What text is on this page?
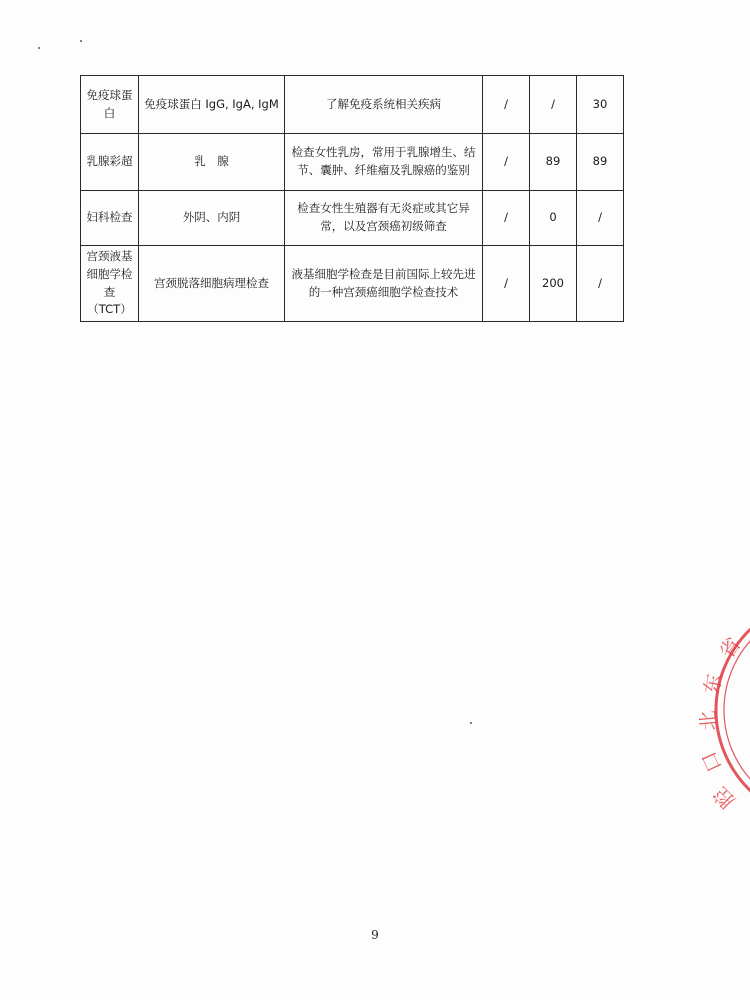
免疫球蛋白	免疫球蛋白 IgG, IgA, IgM	了解免疫系统相关疾病	/	/	30
乳腺彩超	乳　腺	检查女性乳房，常用于乳腺增生、结节、囊肿、纤维瘤及乳腺癌的鉴别	/	89	89
妇科检查	外阴、内阴	检查女性生殖器有无炎症或其它异常，以及宫颈癌初级筛查	/	0	/
宫颈液基细胞学检查（TCT）	宫颈脱落细胞病理检查	液基细胞学检查是目前国际上较先进的一种宫颈癌细胞学检查技术	/	200	/
9
省
东
北
口
腔
